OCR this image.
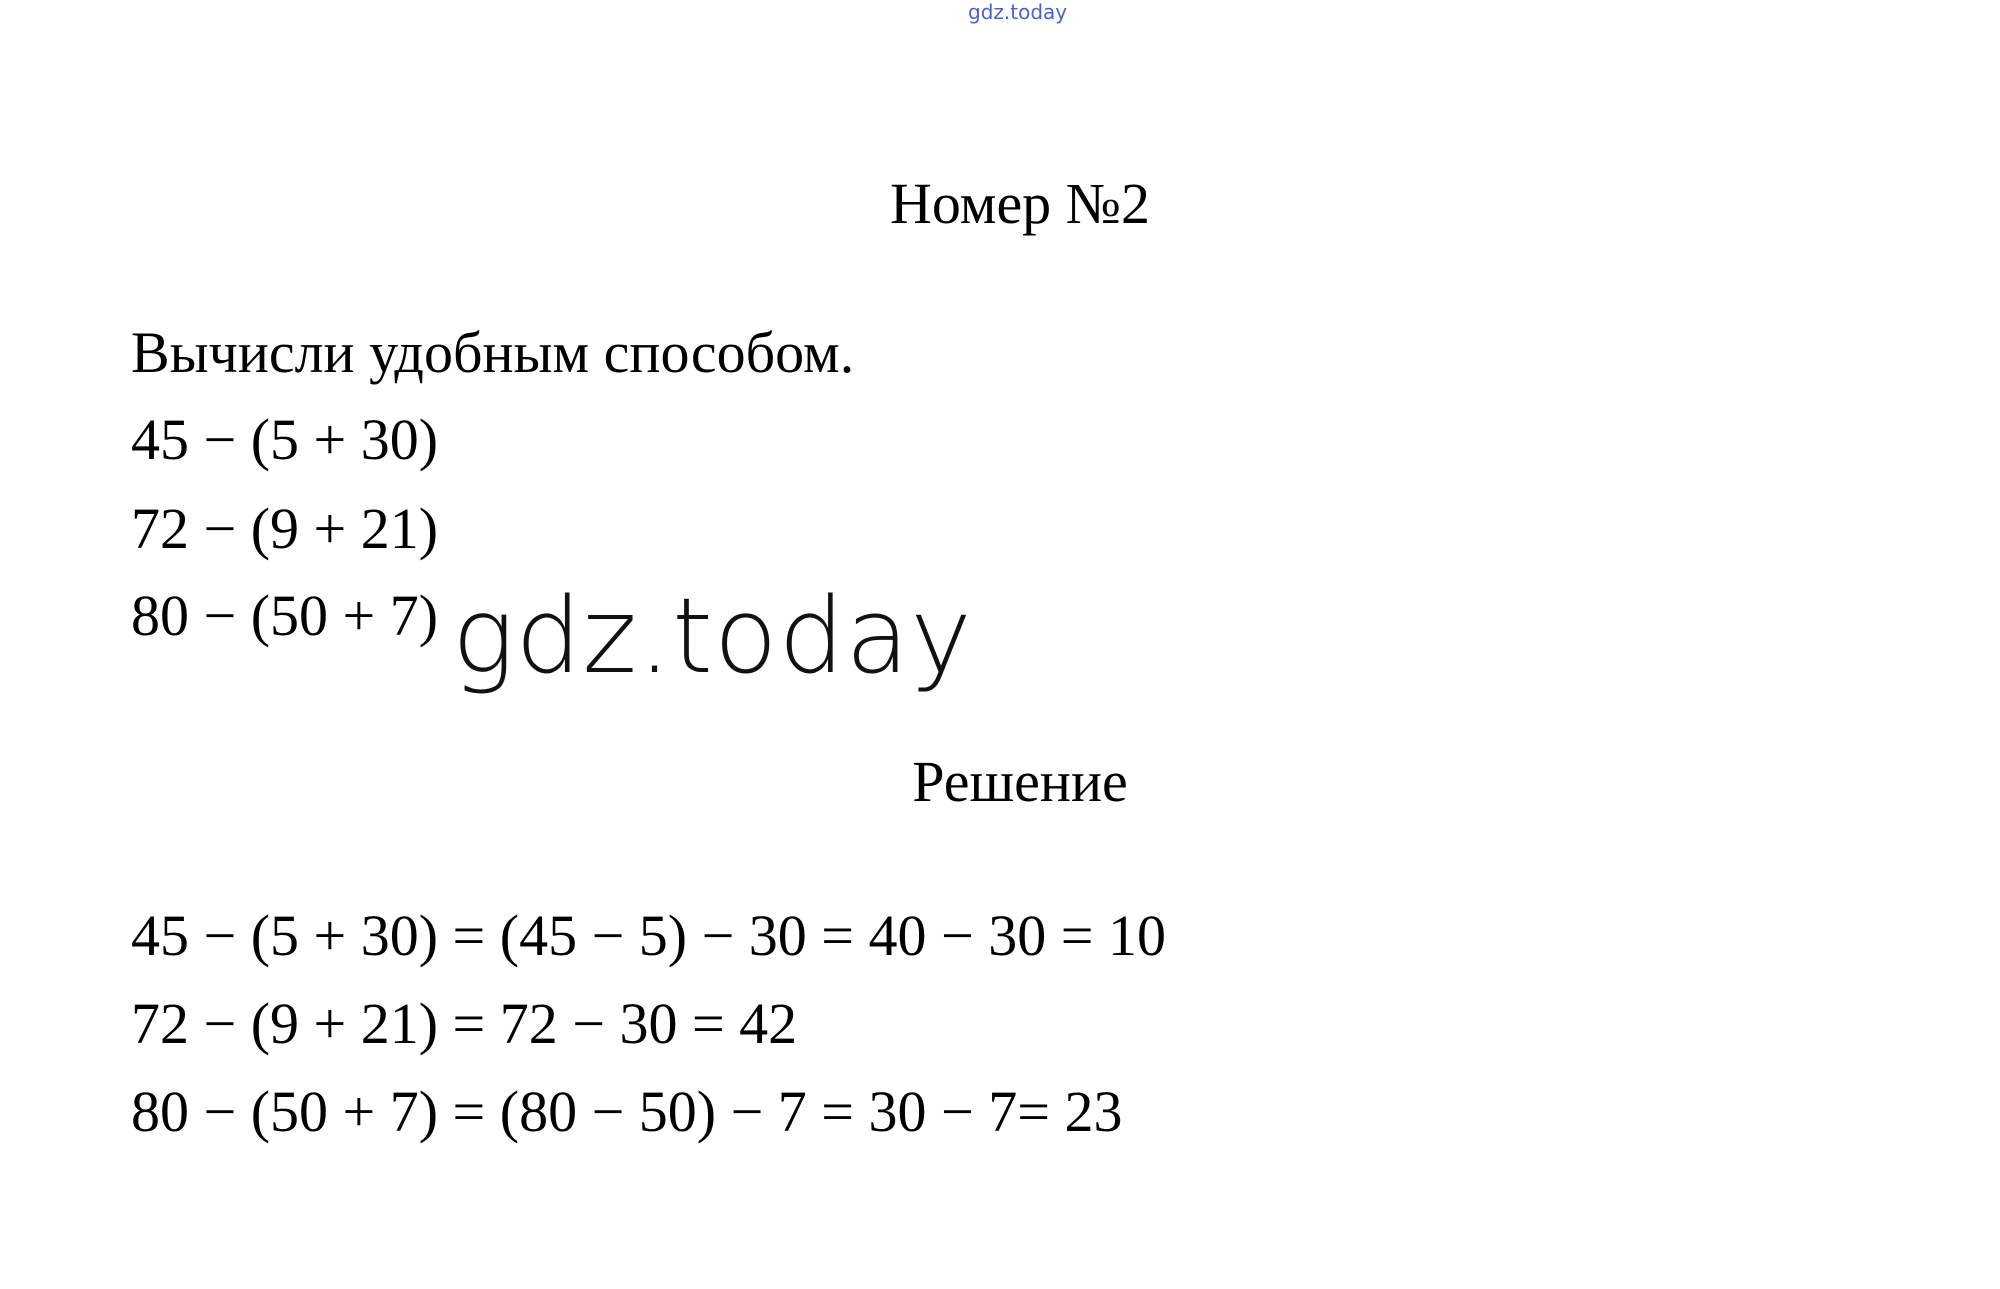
gdz.today
Номер №2
Вычисли удобным способом.
45 − (5 + 30)
72 − (9 + 21)
80 − (50 + 7) gdz.today
Решение
45 − (5 + 30) = (45 − 5) − 30 = 40 − 30 = 10
72 − (9 + 21) = 72 − 30 = 42
80 − (50 + 7) = (80 − 50) − 7 = 30 − 7= 23
